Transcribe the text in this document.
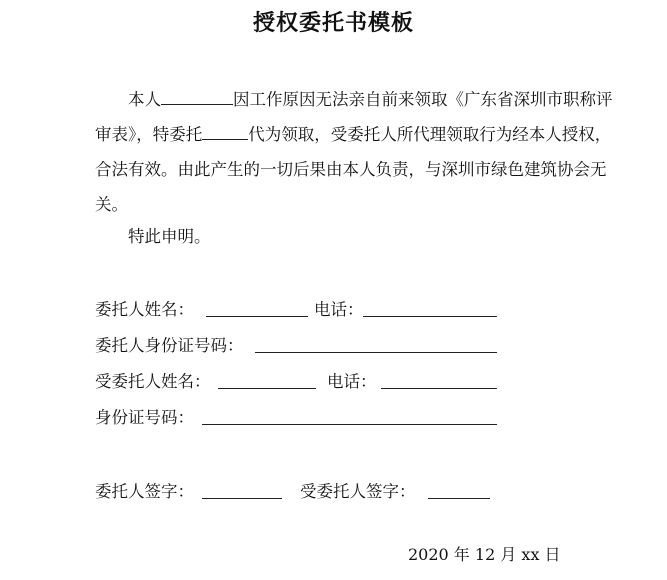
授权委托书模板

本人	因工作原因无法亲自前来领取《广东省深圳市职称评审表》，特委托	代为领取，受委托人所代理领取行为经本人授权，合法有效。由此产生的一切后果由本人负责，与深圳市绿色建筑协会无关。

特此申明。
委托人姓名：	电话：
委托人身份证号码：
受委托人姓名：	电话：
身份证号码：
委托人签字：	受委托人签字：
2020 年 12 月 xx 日
